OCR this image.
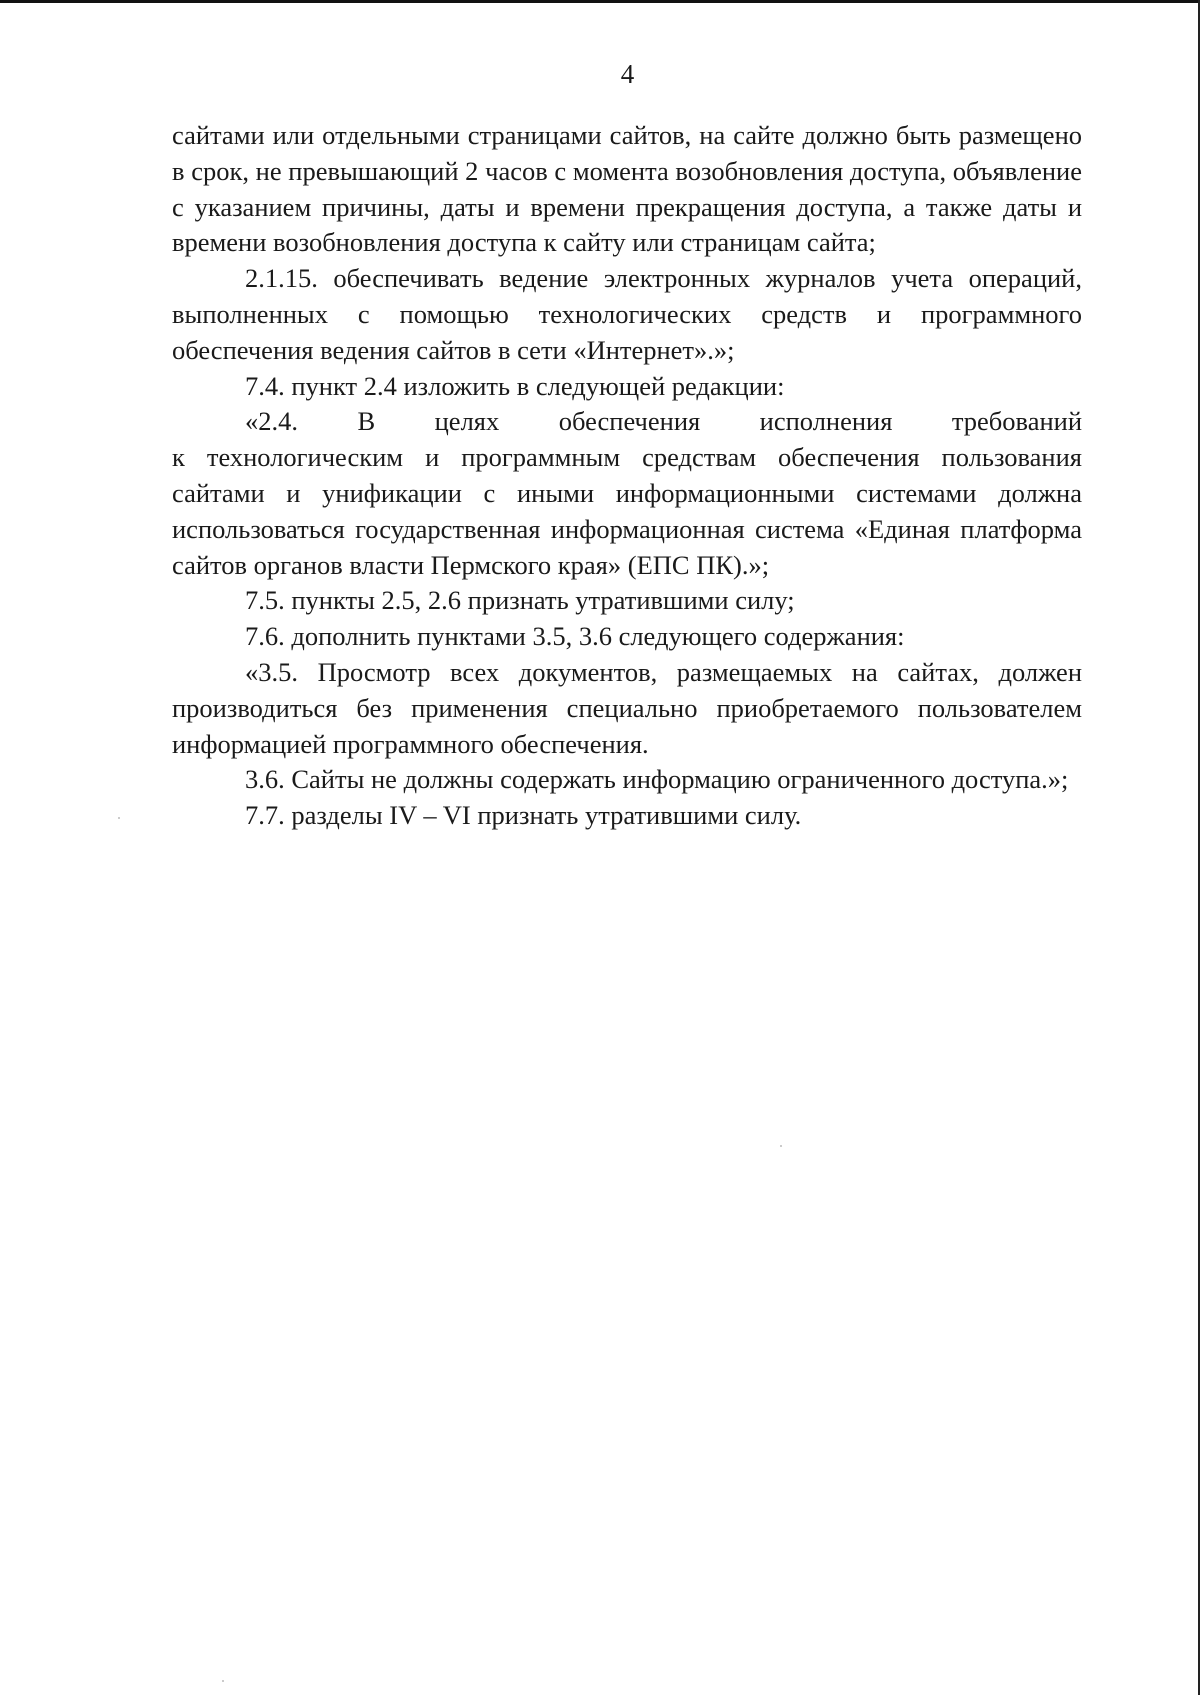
4

сайтами или отдельными страницами сайтов, на сайте должно быть размещено в срок, не превышающий 2 часов с момента возобновления доступа, объявление с указанием причины, даты и времени прекращения доступа, а также даты и времени возобновления доступа к сайту или страницам сайта;

2.1.15. обеспечивать ведение электронных журналов учета операций, выполненных с помощью технологических средств и программного обеспечения ведения сайтов в сети «Интернет».»;

7.4. пункт 2.4 изложить в следующей редакции:

«2.4. В целях обеспечения исполнения требований
к технологическим и программным средствам обеспечения пользования сайтами и унификации с иными информационными системами должна использоваться государственная информационная система «Единая платформа сайтов органов власти Пермского края» (ЕПС ПК).»;

7.5. пункты 2.5, 2.6 признать утратившими силу;

7.6. дополнить пунктами 3.5, 3.6 следующего содержания:

«3.5. Просмотр всех документов, размещаемых на сайтах, должен производиться без применения специально приобретаемого пользователем информацией программного обеспечения.

3.6. Сайты не должны содержать информацию ограниченного доступа.»;

7.7. разделы IV – VI признать утратившими силу.
